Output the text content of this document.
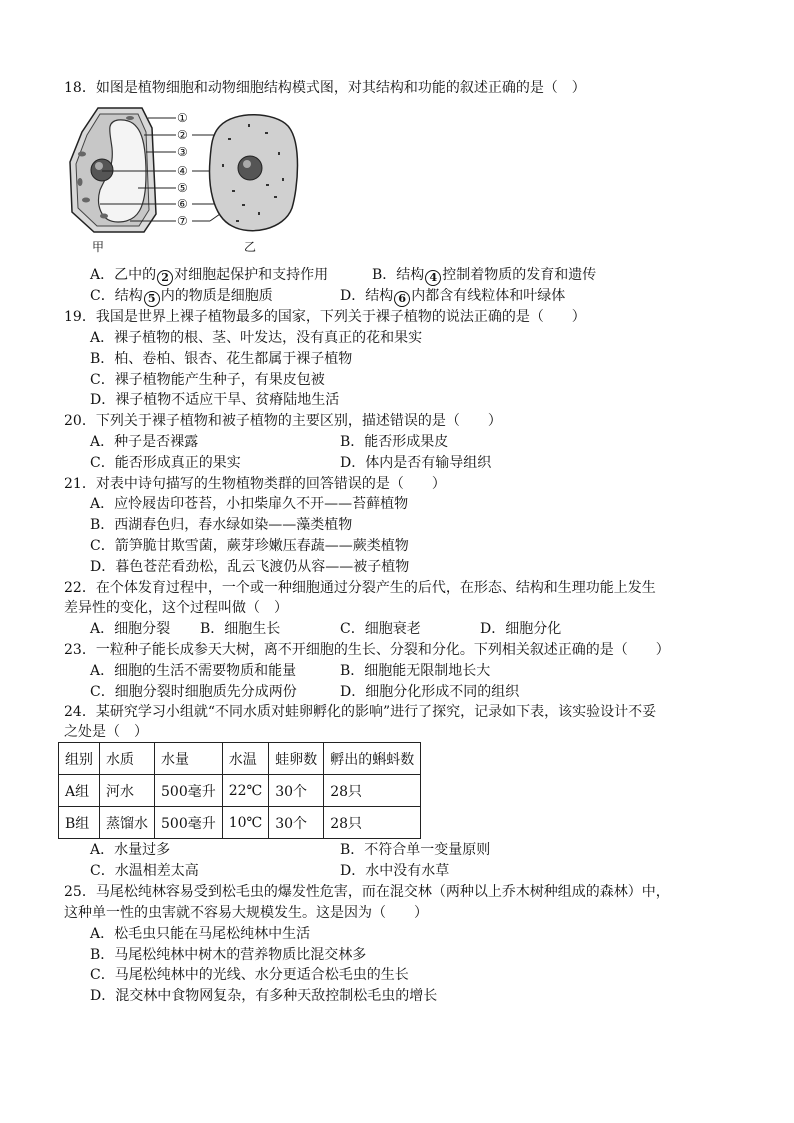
18．如图是植物细胞和动物细胞结构模式图，对其结构和功能的叙述正确的是（　）
①
②
③
④
⑤
⑥
⑦
甲	乙
A．乙中的 2 对细胞起保护和支持作用	B．结构 4 控制着物质的发育和遗传
C．结构 5 内的物质是细胞质	D．结构 6 内都含有线粒体和叶绿体
19．我国是世界上裸子植物最多的国家，下列关于裸子植物的说法正确的是（　　）
A．裸子植物的根、茎、叶发达，没有真正的花和果实
B．柏、卷柏、银杏、花生都属于裸子植物
C．裸子植物能产生种子，有果皮包被
D．裸子植物不适应干旱、贫瘠陆地生活
20．下列关于裸子植物和被子植物的主要区别，描述错误的是（　　）
A．种子是否裸露	B．能否形成果皮
C．能否形成真正的果实	D．体内是否有输导组织
21．对表中诗句描写的生物植物类群的回答错误的是（　　）
A．应怜屐齿印苍苔，小扣柴扉久不开——苔藓植物
B．西湖春色归，春水绿如染——藻类植物
C．箭笋脆甘欺雪菌，蕨芽珍嫩压春蔬——蕨类植物
D．暮色苍茫看劲松，乱云飞渡仍从容——被子植物
22．在个体发育过程中，一个或一种细胞通过分裂产生的后代，在形态、结构和生理功能上发生
差异性的变化，这个过程叫做（　）
A．细胞分裂 B．细胞生长	C．细胞衰老	D．细胞分化
23．一粒种子能长成参天大树，离不开细胞的生长、分裂和分化。下列相关叙述正确的是（　　）
A．细胞的生活不需要物质和能量	B．细胞能无限制地长大
C．细胞分裂时细胞质先分成两份	D．细胞分化形成不同的组织
24．某研究学习小组就“不同水质对蛙卵孵化的影响”进行了探究，记录如下表，该实验设计不妥
之处是（　）
组别	水质	水量	水温	蛙卵数	孵出的蝌蚪数
A组	河水	500毫升	22℃	30个	28只
B组	蒸馏水	500毫升	10℃	30个	28只
A．水量过多	B．不符合单一变量原则
C．水温相差太高	D．水中没有水草
25．马尾松纯林容易受到松毛虫的爆发性危害，而在混交林（两种以上乔木树种组成的森林）中，
这种单一性的虫害就不容易大规模发生。这是因为（　　）
A．松毛虫只能在马尾松纯林中生活
B．马尾松纯林中树木的营养物质比混交林多
C．马尾松纯林中的光线、水分更适合松毛虫的生长
D．混交林中食物网复杂，有多种天敌控制松毛虫的增长
